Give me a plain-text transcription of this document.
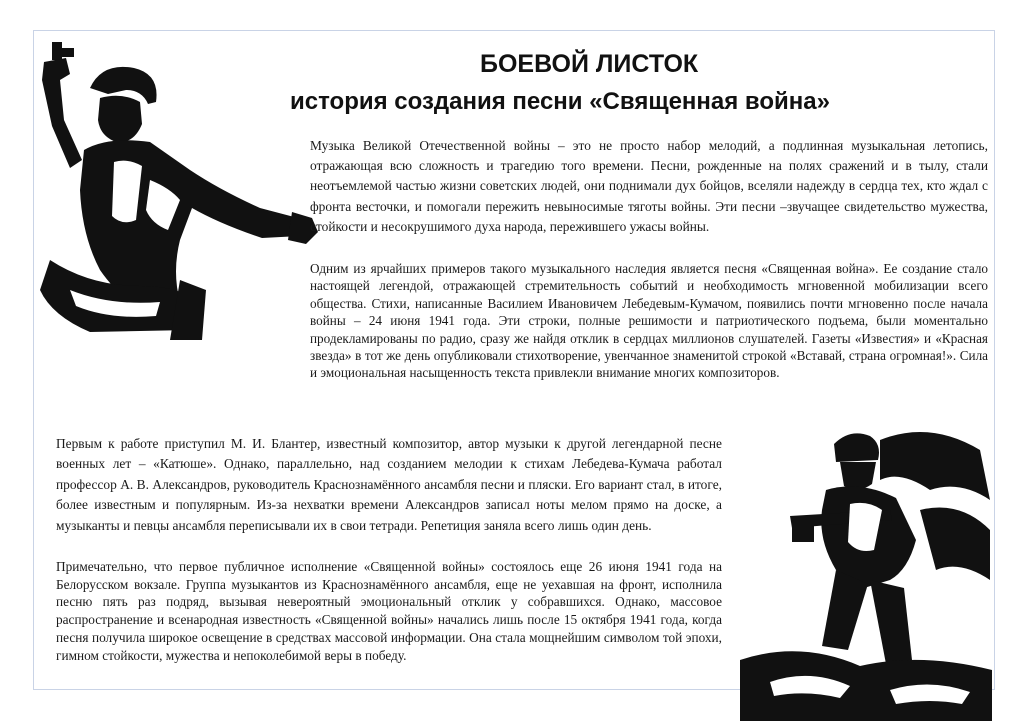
БОЕВОЙ ЛИСТОК
история создания песни «Священная война»
Музыка Великой Отечественной войны – это не просто набор мелодий, а подлинная музыкальная летопись, отражающая всю сложность и трагедию того времени. Песни, рожденные на полях сражений и в тылу, стали неотъемлемой частью жизни советских людей, они поднимали дух бойцов, вселяли надежду в сердца тех, кто ждал с фронта весточки, и помогали пережить невыносимые тяготы войны. Эти песни –звучащее свидетельство мужества, стойкости и несокрушимого духа народа, пережившего ужасы войны.
Одним из ярчайших примеров такого музыкального наследия является песня «Священная война». Ее создание стало настоящей легендой, отражающей стремительность событий и необходимость мгновенной мобилизации всего общества. Стихи, написанные Василием Ивановичем Лебедевым-Кумачом, появились почти мгновенно после начала войны – 24 июня 1941 года. Эти строки, полные решимости и патриотического подъема, были моментально продекламированы по радио, сразу же найдя отклик в сердцах миллионов слушателей. Газеты «Известия» и «Красная звезда» в тот же день опубликовали стихотворение, увенчанное знаменитой строкой «Вставай, страна огромная!». Сила и эмоциональная насыщенность текста привлекли внимание многих композиторов.
Первым к работе приступил М. И. Блантер, известный композитор, автор музыки к другой легендарной песне военных лет – «Катюше». Однако, параллельно, над созданием мелодии к стихам Лебедева-Кумача работал профессор А. В. Александров, руководитель Краснознамённого ансамбля песни и пляски. Его вариант стал, в итоге, более известным и популярным. Из-за нехватки времени Александров записал ноты мелом прямо на доске, а музыканты и певцы ансамбля переписывали их в свои тетради. Репетиция заняла всего лишь один день.
Примечательно, что первое публичное исполнение «Священной войны» состоялось еще 26 июня 1941 года на Белорусском вокзале. Группа музыкантов из Краснознамённого ансамбля, еще не уехавшая на фронт, исполнила песню пять раз подряд, вызывая невероятный эмоциональный отклик у собравшихся. Однако, массовое распространение и всенародная известность «Священной войны» начались лишь после 15 октября 1941 года, когда песня получила широкое освещение в средствах массовой информации. Она стала мощнейшим символом той эпохи, гимном стойкости, мужества и непоколебимой веры в победу.
